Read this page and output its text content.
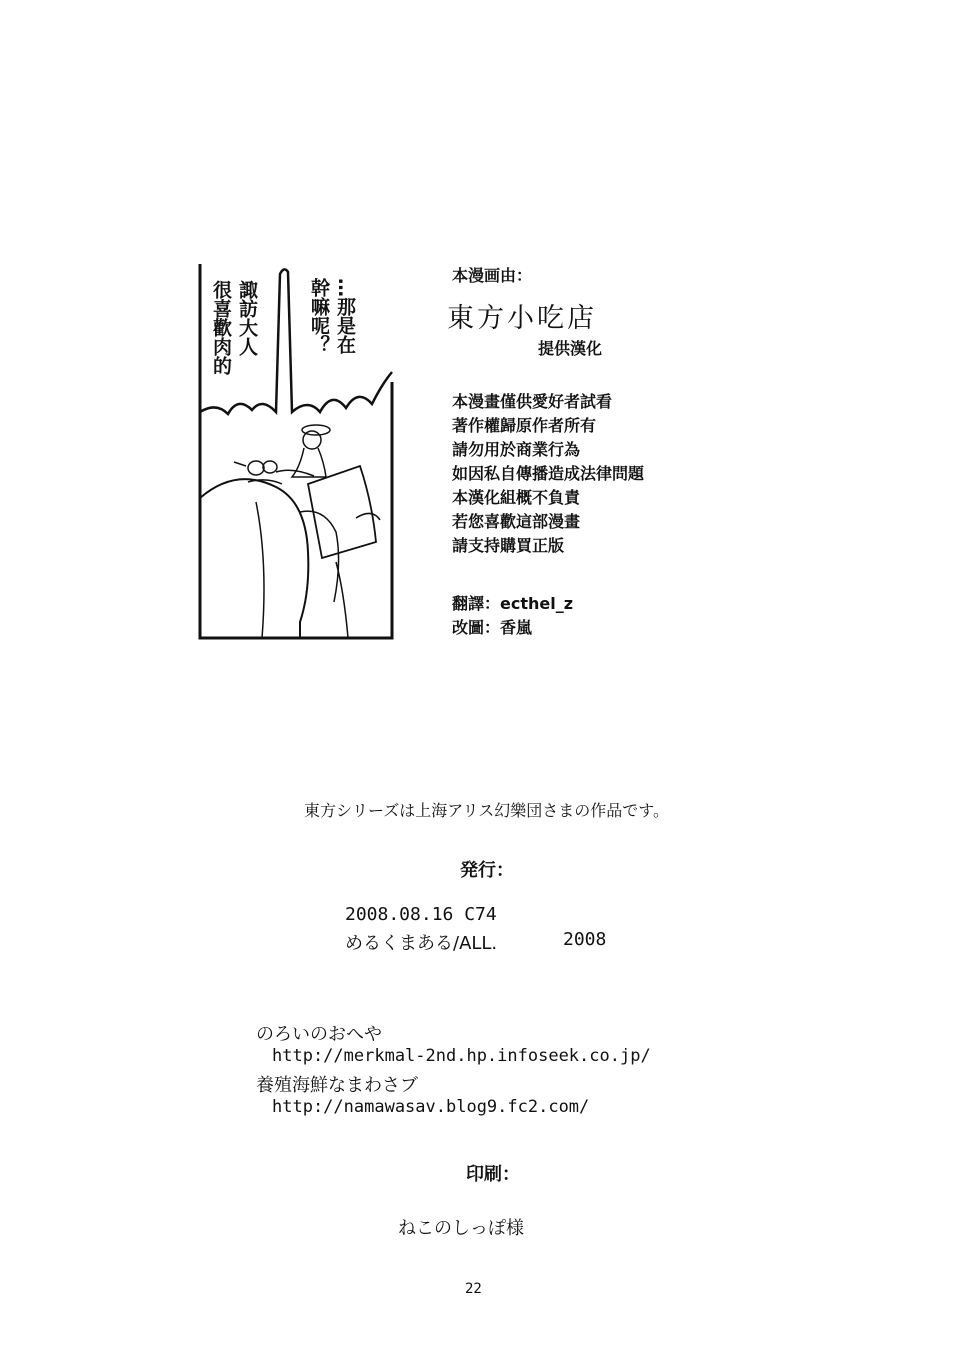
很喜歡肉的 諏訪大人	幹嘛呢？ …那是在
本漫画由：
東方小吃店
提供漢化
本漫畫僅供愛好者試看
著作權歸原作者所有
請勿用於商業行為
如因私自傳播造成法律問題
本漢化組概不負責
若您喜歡這部漫畫
請支持購買正版
翻譯：ecthel_z
改圖：香嵐
東方シリーズは上海アリス幻樂団さまの作品です。
発行：
2008.08.16 C74
めるくまある/ALL.	2008
のろいのおへや
http://merkmal-2nd.hp.infoseek.co.jp/
養殖海鮮なまわさブ
http://namawasav.blog9.fc2.com/
印刷：
ねこのしっぽ様
22
